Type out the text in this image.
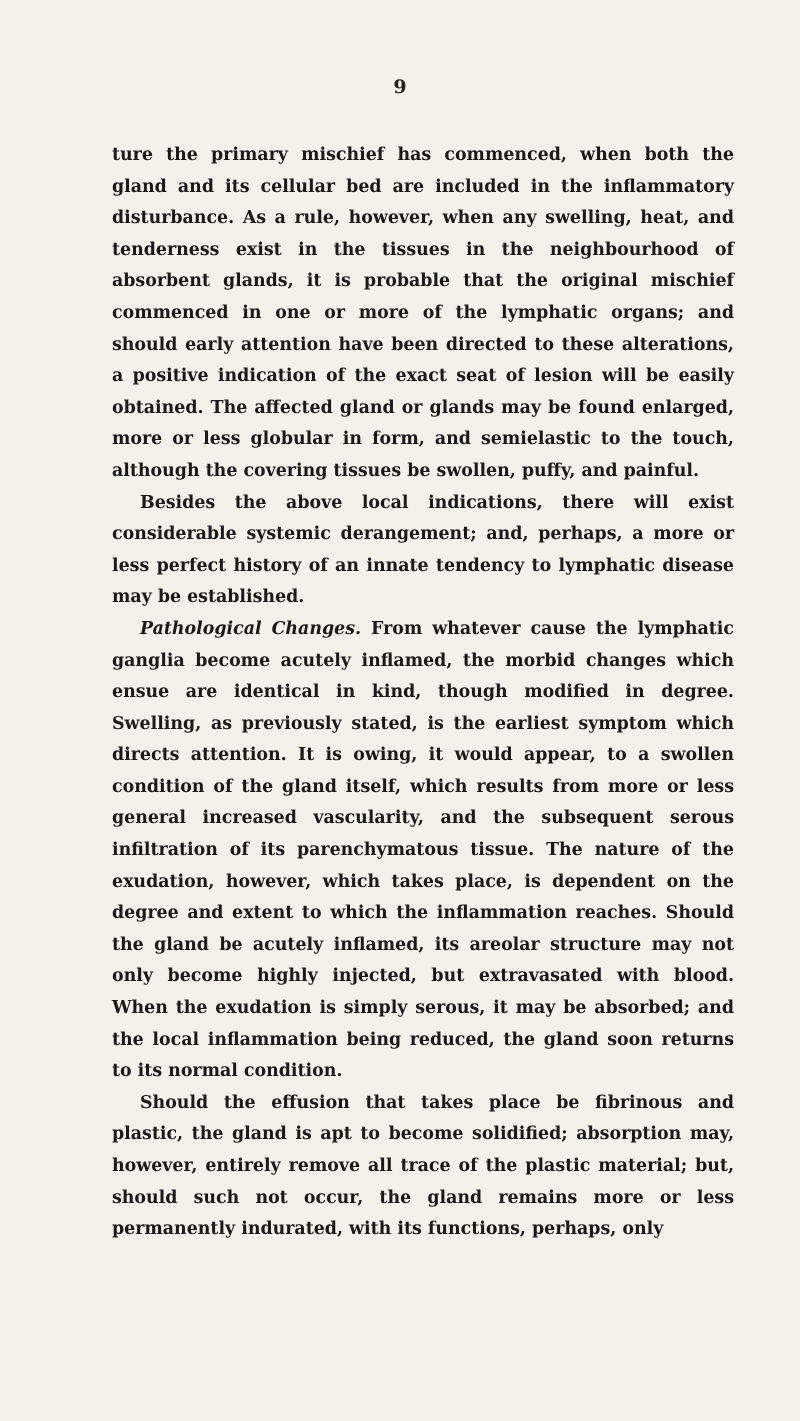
9

ture the primary mischief has commenced, when both the gland and its cellular bed are included in the inflammatory disturbance. As a rule, however, when any swelling, heat, and tenderness exist in the tissues in the neighbourhood of absorbent glands, it is probable that the original mischief commenced in one or more of the lymphatic organs; and should early attention have been directed to these alterations, a positive indication of the exact seat of lesion will be easily obtained. The affected gland or glands may be found enlarged, more or less globular in form, and semielastic to the touch, although the covering tissues be swollen, puffy, and painful.

Besides the above local indications, there will exist considerable systemic derangement; and, perhaps, a more or less perfect history of an innate tendency to lymphatic disease may be established.

Pathological Changes. From whatever cause the lymphatic ganglia become acutely inflamed, the morbid changes which ensue are identical in kind, though modified in degree. Swelling, as previously stated, is the earliest symptom which directs attention. It is owing, it would appear, to a swollen condition of the gland itself, which results from more or less general increased vascularity, and the subsequent serous infiltration of its parenchymatous tissue. The nature of the exudation, however, which takes place, is dependent on the degree and extent to which the inflammation reaches. Should the gland be acutely inflamed, its areolar structure may not only become highly injected, but extravasated with blood. When the exudation is simply serous, it may be absorbed; and the local inflammation being reduced, the gland soon returns to its normal condition.

Should the effusion that takes place be fibrinous and plastic, the gland is apt to become solidified; absorption may, however, entirely remove all trace of the plastic material; but, should such not occur, the gland remains more or less permanently indurated, with its functions, perhaps, only
